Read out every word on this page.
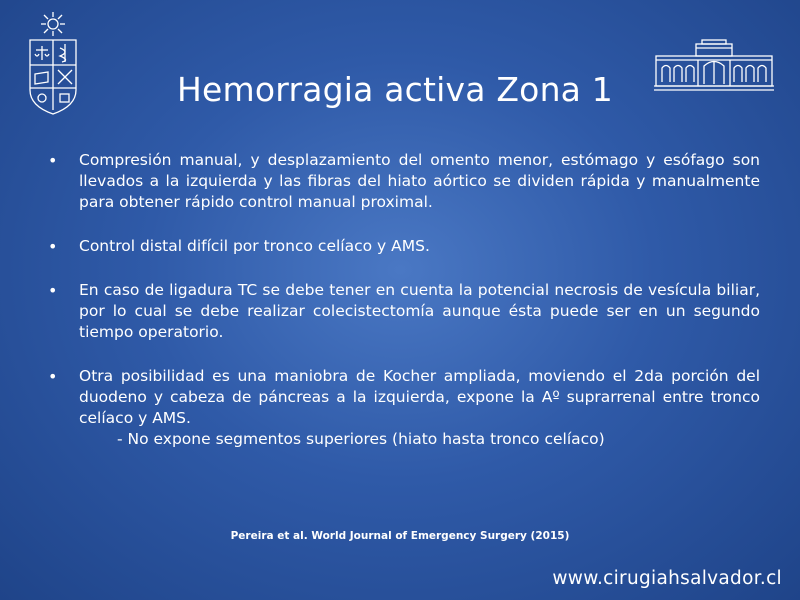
Hemorragia activa Zona 1
• Compresión manual, y desplazamiento del omento menor, estómago y esófago son llevados a la izquierda y las fibras del hiato aórtico se dividen rápida y manualmente para obtener rápido control manual proximal.
• Control distal difícil por tronco celíaco y AMS.
• En caso de ligadura TC se debe tener en cuenta la potencial necrosis de vesícula biliar, por lo cual se debe realizar colecistectomía aunque ésta puede ser en un segundo tiempo operatorio.
• Otra posibilidad es una maniobra de Kocher ampliada, moviendo el 2da porción del duodeno y cabeza de páncreas a la izquierda, expone la Aº suprarrenal entre tronco celíaco y AMS.
- No expone segmentos superiores (hiato hasta tronco celíaco)
Pereira et al. World Journal of Emergency Surgery (2015)
www.cirugiahsalvador.cl
